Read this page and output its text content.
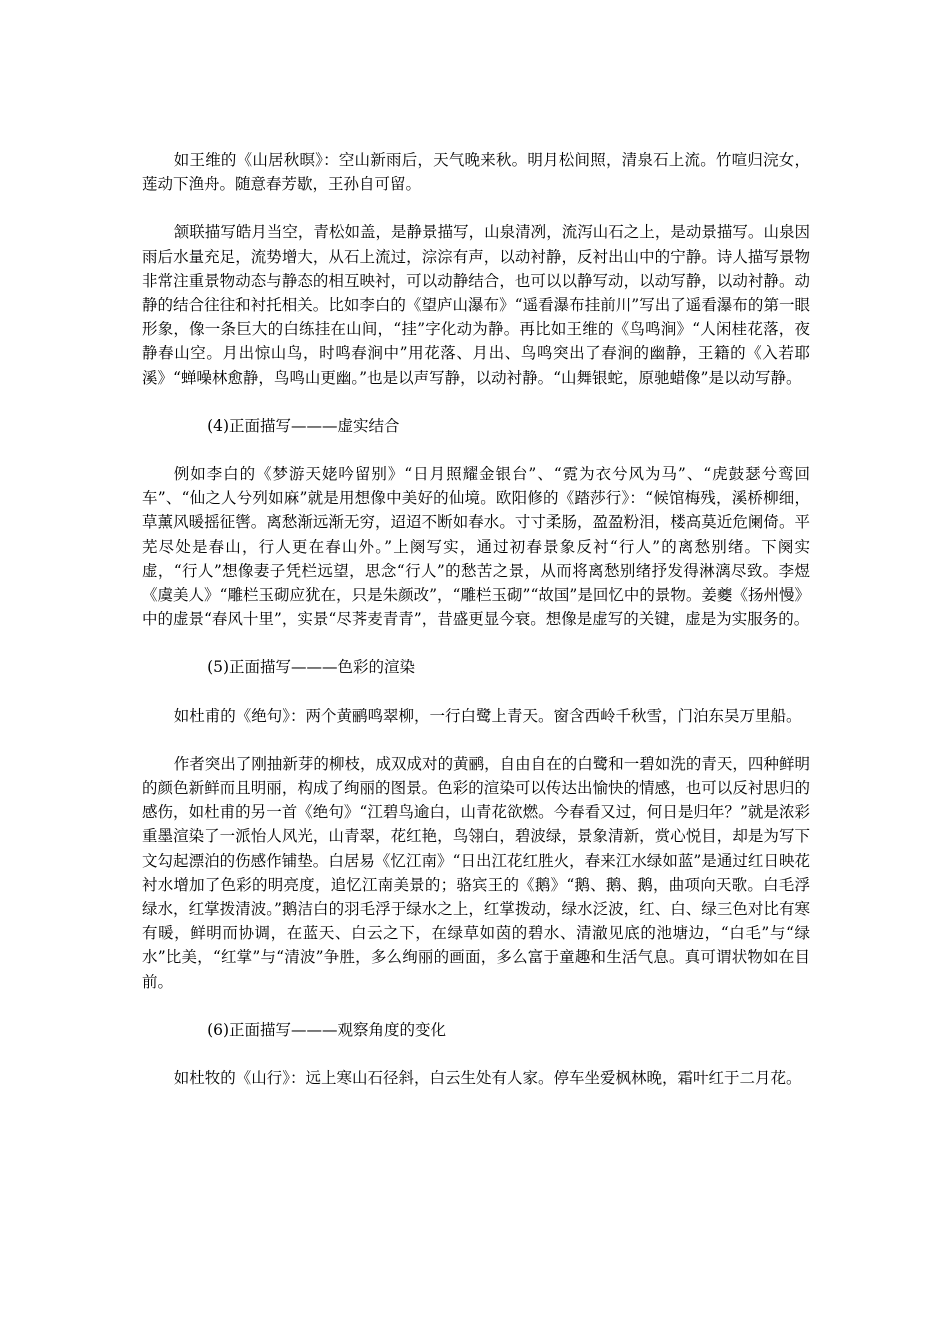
如王维的《山居秋暝》：空山新雨后，天气晚来秋。明月松间照，清泉石上流。竹喧归浣女，莲动下渔舟。随意春芳歇，王孙自可留。

颔联描写皓月当空，青松如盖，是静景描写，山泉清冽，流泻山石之上，是动景描写。山泉因雨后水量充足，流势增大，从石上流过，淙淙有声，以动衬静，反衬出山中的宁静。诗人描写景物非常注重景物动态与静态的相互映衬，可以动静结合，也可以以静写动，以动写静，以动衬静。动静的结合往往和衬托相关。比如李白的《望庐山瀑布》“遥看瀑布挂前川”写出了遥看瀑布的第一眼形象，像一条巨大的白练挂在山间，“挂”字化动为静。再比如王维的《鸟鸣涧》“人闲桂花落，夜静春山空。月出惊山鸟，时鸣春涧中”用花落、月出、鸟鸣突出了春涧的幽静，王籍的《入若耶溪》“蝉噪林愈静，鸟鸣山更幽。”也是以声写静，以动衬静。“山舞银蛇，原驰蜡像”是以动写静。

(4)正面描写———虚实结合

例如李白的《梦游天姥吟留别》“日月照耀金银台”、“霓为衣兮风为马”、“虎鼓瑟兮鸾回车”、“仙之人兮列如麻”就是用想像中美好的仙境。欧阳修的《踏莎行》：“候馆梅残，溪桥柳细，草薰风暖摇征辔。离愁渐远渐无穷，迢迢不断如春水。寸寸柔肠，盈盈粉泪，楼高莫近危阑倚。平芜尽处是春山，行人更在春山外。”上阕写实，通过初春景象反衬“行人”的离愁别绪。下阕实虚，“行人”想像妻子凭栏远望，思念“行人”的愁苦之景，从而将离愁别绪抒发得淋漓尽致。李煜《虞美人》“雕栏玉砌应犹在，只是朱颜改”，“雕栏玉砌”“故国”是回忆中的景物。姜夔《扬州慢》中的虚景“春风十里”，实景“尽荠麦青青”，昔盛更显今衰。想像是虚写的关键，虚是为实服务的。

(5)正面描写———色彩的渲染

如杜甫的《绝句》：两个黄鹂鸣翠柳，一行白鹭上青天。窗含西岭千秋雪，门泊东吴万里船。

作者突出了刚抽新芽的柳枝，成双成对的黄鹂，自由自在的白鹭和一碧如洗的青天，四种鲜明的颜色新鲜而且明丽，构成了绚丽的图景。色彩的渲染可以传达出愉快的情感，也可以反衬思归的感伤，如杜甫的另一首《绝句》“江碧鸟逾白，山青花欲燃。今春看又过，何日是归年？”就是浓彩重墨渲染了一派怡人风光，山青翠，花红艳，鸟翎白，碧波绿，景象清新，赏心悦目，却是为写下文勾起漂泊的伤感作铺垫。白居易《忆江南》“日出江花红胜火，春来江水绿如蓝”是通过红日映花衬水增加了色彩的明亮度，追忆江南美景的；骆宾王的《鹅》“鹅、鹅、鹅，曲项向天歌。白毛浮绿水，红掌拨清波。”鹅洁白的羽毛浮于绿水之上，红掌拨动，绿水泛波，红、白、绿三色对比有寒有暖，鲜明而协调，在蓝天、白云之下，在绿草如茵的碧水、清澈见底的池塘边，“白毛”与“绿水”比美，“红掌”与“清波”争胜，多么绚丽的画面，多么富于童趣和生活气息。真可谓状物如在目前。

(6)正面描写———观察角度的变化

如杜牧的《山行》：远上寒山石径斜，白云生处有人家。停车坐爱枫林晚，霜叶红于二月花。
